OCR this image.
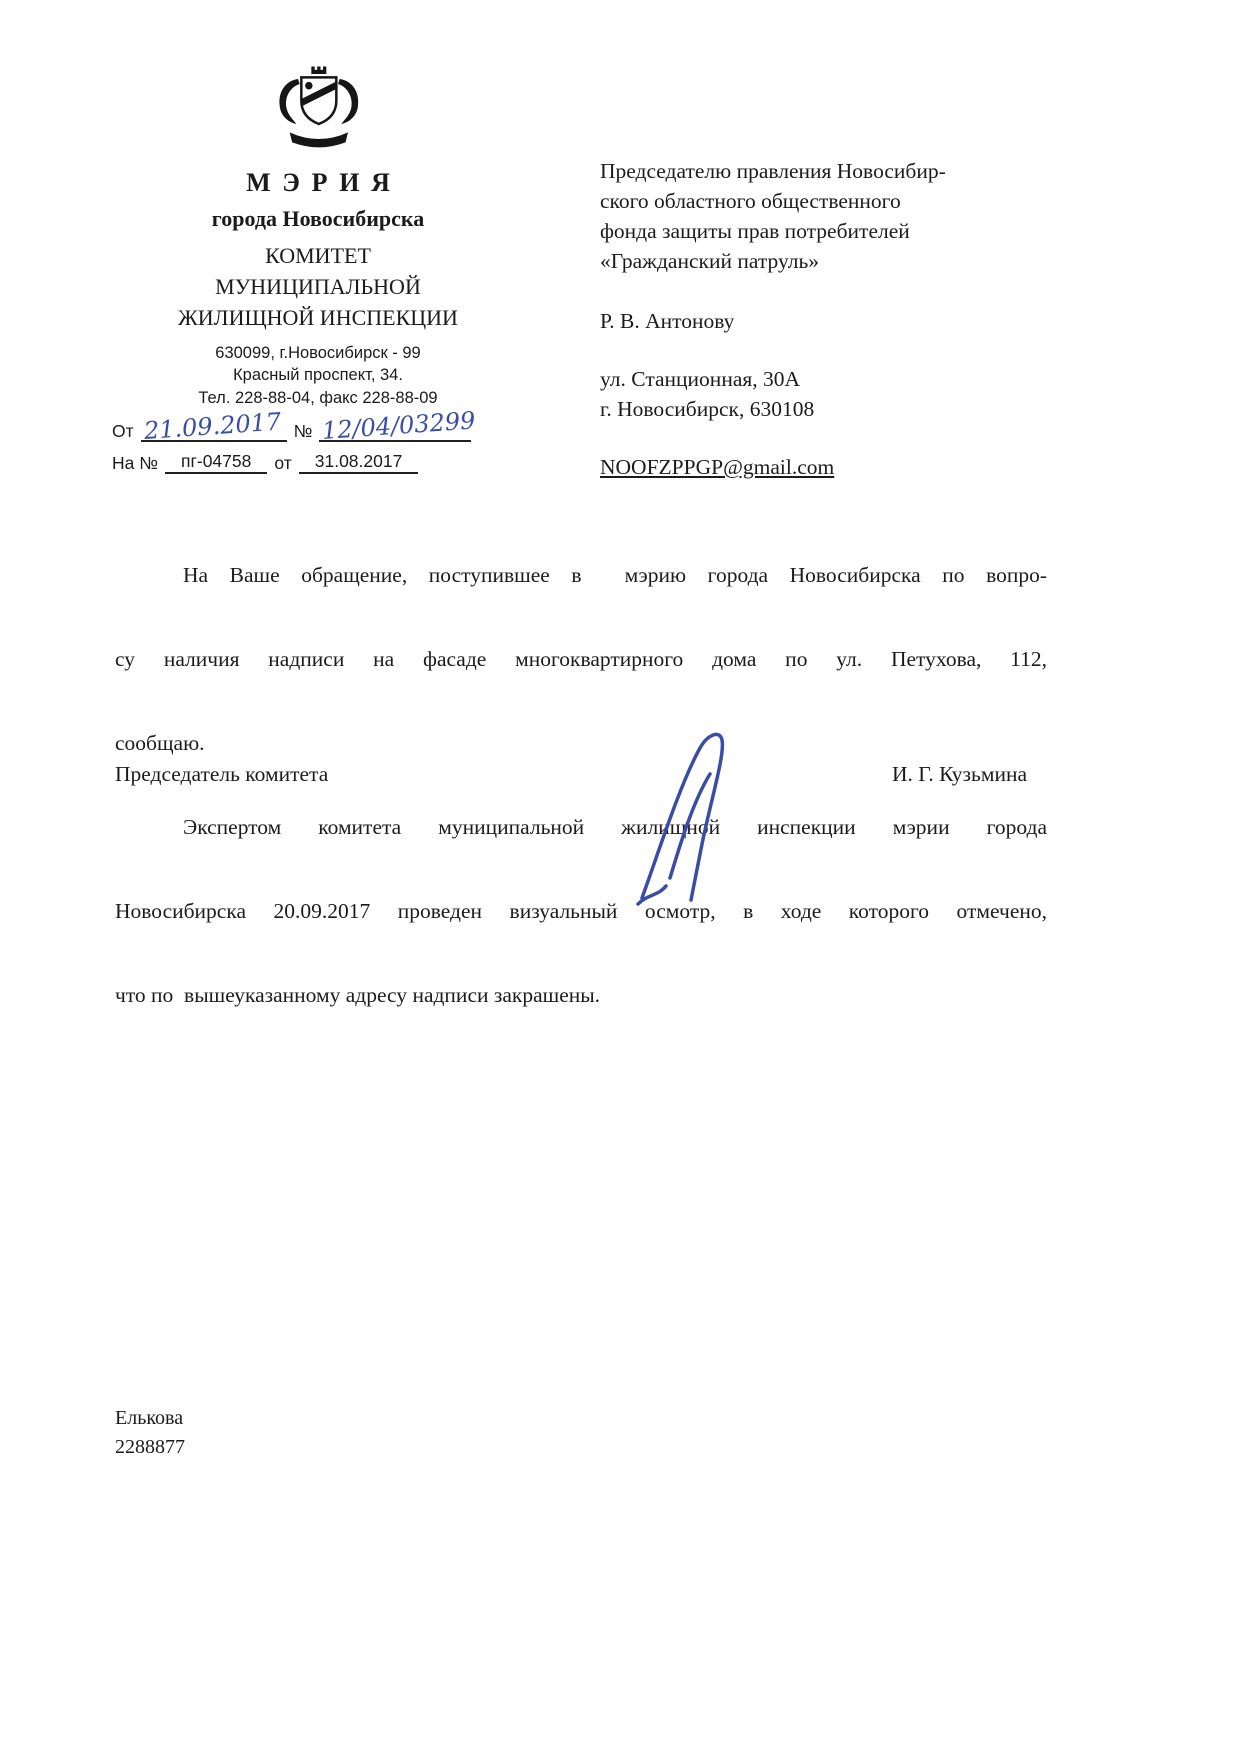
МЭРИЯ
города Новосибирска
КОМИТЕТ
МУНИЦИПАЛЬНОЙ
ЖИЛИЩНОЙ ИНСПЕКЦИИ
630099, г.Новосибирск - 99
Красный проспект, 34.
Тел. 228-88-04, факс 228-88-09
От 21.09.2017 № 12/04/03299
На №	пг-04758	от	31.08.2017
Председателю правления Новосибир-
ского областного общественного
фонда защиты прав потребителей
«Гражданский патруль»
Р. В. Антонову
ул. Станционная, 30А
г. Новосибирск, 630108
NOOFZPPGP@gmail.com

На Ваше обращение, поступившее в  мэрию города Новосибирска по вопро-

су наличия надписи на фасаде многоквартирного дома по ул. Петухова, 112,

сообщаю.

Экспертом комитета муниципальной жилищной инспекции мэрии города

Новосибирска 20.09.2017 проведен визуальный осмотр, в ходе которого отмечено,

что по  вышеуказанному адресу надписи закрашены.

Председатель комитета	И. Г. Кузьмина
Елькова
2288877
